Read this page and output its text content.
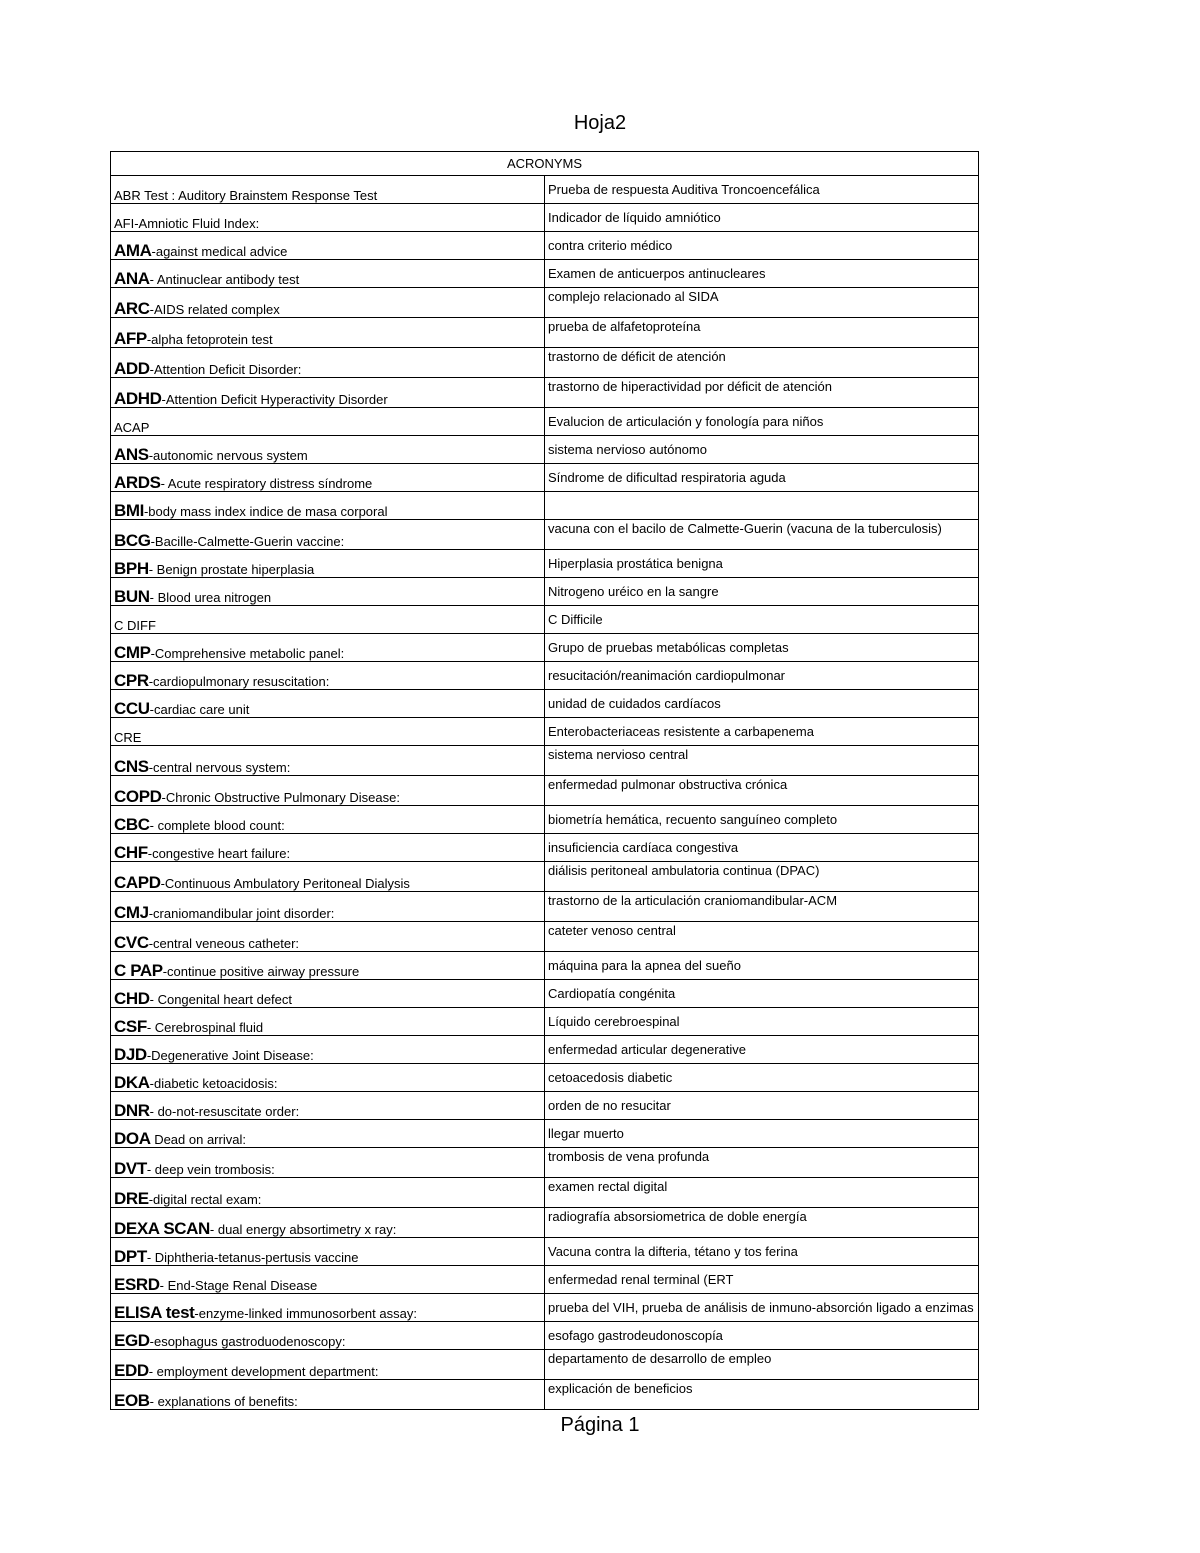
Hoja2
ACRONYMS	
ABR Test : Auditory Brainstem Response Test	Prueba de respuesta Auditiva Troncoencefálica
AFI-Amniotic Fluid Index:	Indicador de líquido amniótico
AMA-against medical advice	contra criterio médico
ANA- Antinuclear antibody test	Examen de anticuerpos antinucleares
ARC-AIDS related complex	complejo relacionado al SIDA
AFP-alpha fetoprotein test	prueba de alfafetoproteína
ADD-Attention Deficit Disorder:	trastorno de déficit de atención
ADHD-Attention Deficit Hyperactivity Disorder	trastorno de hiperactividad por déficit de atención
ACAP	Evalucion de articulación y fonología para niños
ANS-autonomic nervous system	sistema nervioso autónomo
ARDS- Acute respiratory distress síndrome	Síndrome de dificultad respiratoria aguda
BMI-body mass index indice de masa corporal	
BCG-Bacille-Calmette-Guerin vaccine:	vacuna con el bacilo de Calmette-Guerin (vacuna de la tuberculosis)
BPH- Benign prostate hiperplasia	Hiperplasia prostática benigna
BUN- Blood urea nitrogen	Nitrogeno uréico en la sangre
C DIFF	C Difficile
CMP-Comprehensive metabolic panel:	Grupo de pruebas metabólicas completas
CPR-cardiopulmonary resuscitation:	resucitación/reanimación cardiopulmonar
CCU-cardiac care unit	unidad de cuidados cardíacos
CRE	Enterobacteriaceas resistente a carbapenema
CNS-central nervous system:	sistema nervioso central
COPD-Chronic Obstructive Pulmonary Disease:	enfermedad pulmonar obstructiva crónica
CBC- complete blood count:	biometría hemática, recuento sanguíneo completo
CHF-congestive heart failure:	insuficiencia cardíaca congestiva
CAPD-Continuous Ambulatory Peritoneal Dialysis	diálisis peritoneal ambulatoria continua (DPAC)
CMJ-craniomandibular joint disorder:	trastorno de la articulación craniomandibular-ACM
CVC-central veneous catheter:	cateter venoso central
C PAP-continue positive airway pressure	máquina para la apnea del sueño
CHD- Congenital heart defect	Cardiopatía congénita
CSF- Cerebrospinal fluid	Líquido cerebroespinal
DJD-Degenerative Joint Disease:	enfermedad articular degenerative
DKA-diabetic ketoacidosis:	cetoacedosis diabetic
DNR- do-not-resuscitate order:	orden de no resucitar
DOA Dead on arrival:	llegar muerto
DVT- deep vein trombosis:	trombosis de vena profunda
DRE-digital rectal exam:	examen rectal digital
DEXA SCAN- dual energy absortimetry x ray:	radiografía absorsiometrica de doble energía
DPT- Diphtheria-tetanus-pertusis vaccine	Vacuna contra la difteria, tétano y tos ferina
ESRD- End-Stage Renal Disease	enfermedad renal terminal (ERT
ELISA test-enzyme-linked immunosorbent assay:	prueba del VIH, prueba de análisis de inmuno-absorción ligado a enzimas
EGD-esophagus gastroduodenoscopy:	esofago gastrodeudonoscopía
EDD- employment development department:	departamento de desarrollo de empleo
EOB- explanations of benefits:	explicación de beneficios
Página 1
